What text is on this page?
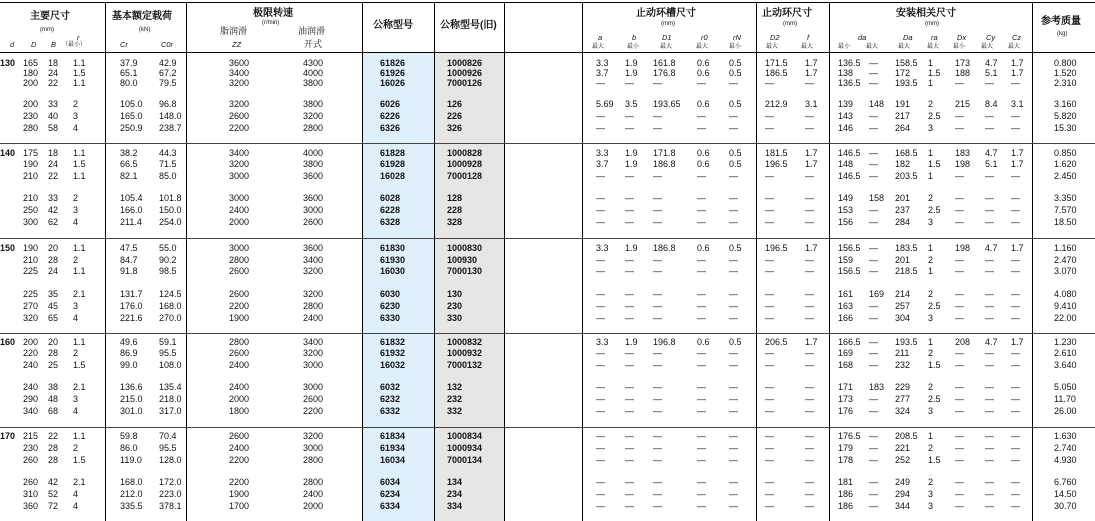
主要尺寸
(mm)
d D B
r
（最小）
基本额定载荷
(kN)
Cr	C0r
极限转速
(r/min)
脂润滑	油润滑
ZZ	开式
公称型号	公称型号(旧)
止动环槽尺寸
(mm)
a	b	D1	r0	rN
最大	最小	最大	最大	最小
止动环尺寸
(mm)
D2	f
最大	最大
安装相关尺寸
(mm)
da	Da ra	Dx	Cy Cz
最小	最大	最大	最大 最小	最大 最大
参考质量
(kg)
130 165 18 1.1	37.9 42.9	3600	4300	61826	1000826	3.3 1.9 161.8 0.6 0.5	171.5 1.7 136.5 — 158.5 1 173 4.7 1.7	0.800
180 24 1.5	65.1 67.2	3400	4000	61926	1000926	3.7 1.9 176.8 0.6 0.5	186.5 1.7 138 — 172 1.5 188 5.1 1.7	1.520
200 22 1.1	80.0 79.5	3200	3800	16026	7000126	— — —	—	—	—	—	136.5 — 193.5 1 — — —	2.310
200 33 2	105.0 96.8	3200	3800	6026	126	5.69 3.5 193.65 0.6 0.5	212.9 3.1 139 148 191 2 215 8.4 3.1	3.160
230 40 3	165.0 148.0	2600	3200	6226	226	— — —	—	—	—	—	143 — 217 2.5 — — —	5.820
280 58 4	250.9 238.7	2200	2800	6326	326	— — —	—	—	—	—	146 — 264 3 — — —	15.30
140 175 18 1.1	38.2 44.3	3400	4000	61828	1000828	3.3 1.9 171.8 0.6 0.5	181.5 1.7 146.5 — 168.5 1 183 4.7 1.7	0.850
190 24 1.5	66.5 71.5	3200	3800	61928	1000928	3.7 1.9 186.8 0.6 0.5	196.5 1.7 148 — 182 1.5 198 5.1 1.7	1.620
210 22 1.1	82.1 85.0	3000	3600	16028	7000128	— — —	—	—	—	—	146.5 — 203.5 1 — — —	2.450
210 33 2	105.4 101.8	3000	3600	6028	128	— — —	—	—	—	—	149 158 201 2 — — —	3.350
250 42 3	166.0 150.0	2400	3000	6228	228	— — —	—	—	—	—	153 — 237 2.5 — — —	7.570
300 62 4	211.4 254.0	2000	2600	6328	328	— — —	—	—	—	—	156 — 284 3 — — —	18.50
150 190 20 1.1	47.5 55.0	3000	3600	61830	1000830	3.3 1.9 186.8 0.6 0.5	196.5 1.7 156.5 — 183.5 1 198 4.7 1.7	1.160
210 28 2	84.7 90.2	2800	3400	61930	100930	— — —	—	—	—	—	159 — 201 2 — — —	2.470
225 24 1.1	91.8 98.5	2600	3200	16030	7000130	— — —	—	—	—	—	156.5 — 218.5 1 — — —	3.070
225 35 2.1	131.7 124.5	2600	3200	6030	130	— — —	—	—	—	—	161 169 214 2 — — —	4.080
270 45 3	176.0 168.0	2200	2800	6230	230	— — —	—	—	—	—	163 — 257 2.5 — — —	9.410
320 65 4	221.6 270.0	1900	2400	6330	330	— — —	—	—	—	—	166 — 304 3 — — —	22.00
160 200 20 1.1	49.6 59.1	2800	3400	61832	1000832	3.3 1.9 196.8 0.6 0.5	206.5 1.7 166.5 — 193.5 1 208 4.7 1.7	1.230
220 28 2	86.9 95.5	2600	3200	61932	1000932	— — —	—	—	—	—	169 — 211 2 — — —	2.610
240 25 1.5	99.0 108.0	2400	3000	16032	7000132	— — —	—	—	—	—	168 — 232 1.5 — — —	3.640
240 38 2.1	136.6 135.4	2400	3000	6032	132	— — —	—	—	—	—	171 183 229 2 — — —	5.050
290 48 3	215.0 218.0	2000	2600	6232	232	— — —	—	—	—	—	173 — 277 2.5 — — —	11.70
340 68 4	301.0 317.0	1800	2200	6332	332	— — —	—	—	—	—	176 — 324 3 — — —	26.00
170 215 22 1.1	59.8 70.4	2600	3200	61834	1000834	— — —	—	—	—	—	176.5 — 208.5 1 — — —	1.630
230 28 2	86.0 95.5	2400	3000	61934	1000934	— — —	—	—	—	—	179 — 221 2 — — —	2.740
260 28 1.5	119.0 128.0	2200	2800	16034	7000134	— — —	—	—	—	—	178 — 252 1.5 — — —	4.930
260 42 2.1	168.0 172.0	2200	2800	6034	134	— — —	—	—	—	—	181 — 249 2 — — —	6.760
310 52 4	212.0 223.0	1900	2400	6234	234	— — —	—	—	—	—	186 — 294 3 — — —	14.50
360 72 4	335.5 378.1	1700	2000	6334	334	— — —	—	—	—	—	186 — 344 3 — — —	30.70
